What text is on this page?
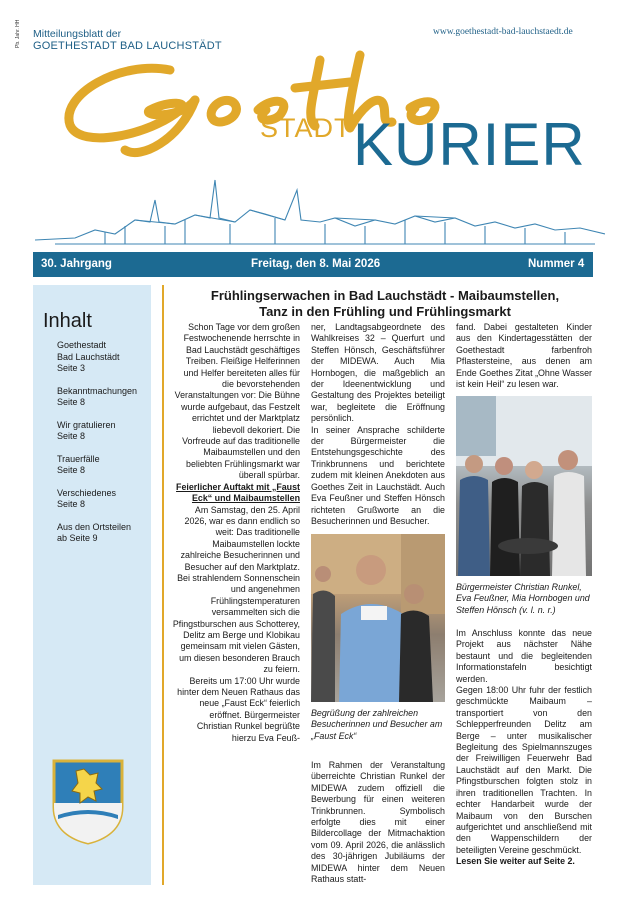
Pb. Jahr. HH Mitteilungsblatt der
GOETHESTADT BAD LAUCHSTÄDT
www.goethestadt-bad-lauchstaedt.de
STADT KURIER
30. Jahrgang	Freitag, den 8. Mai 2026	Nummer 4
Inhalt
Goethestadt
Bad Lauchstädt
Seite 3
Bekanntmachungen
Seite 8
Wir gratulieren
Seite 8
Trauerfälle
Seite 8
Verschiedenes
Seite 8
Aus den Ortsteilen
ab Seite 9
Frühlingserwachen in Bad Lauchstädt - Maibaumstellen,
Tanz in den Frühling und Frühlingsmarkt

Schon Tage vor dem großen Festwochenende herrschte in Bad Lauchstädt geschäftiges Treiben. Fleißige Helferinnen und Helfer bereiteten alles für die bevorstehenden Veranstaltungen vor: Die Bühne wurde aufgebaut, das Festzelt errichtet und der Marktplatz liebevoll dekoriert. Die Vorfreude auf das traditionelle Maibaumstellen und den beliebten Frühlingsmarkt war überall spürbar.

Feierlicher Auftakt mit „Faust Eck“ und Maibaumstellen

Am Samstag, den 25. April 2026, war es dann endlich so weit: Das traditionelle Maibaumstellen lockte zahlreiche Besucherinnen und Besucher auf den Marktplatz. Bei strahlendem Sonnenschein und angenehmen Frühlingstemperaturen versammelten sich die Pfingstburschen aus Schotterey, Delitz am Berge und Klobikau gemeinsam mit vielen Gästen, um diesen besonderen Brauch zu feiern.

Bereits um 17:00 Uhr wurde hinter dem Neuen Rathaus das neue „Faust Eck“ feierlich eröffnet. Bürgermeister Christian Runkel begrüßte hierzu Eva Feuß-

ner, Landtagsabgeordnete des Wahlkreises 32 – Querfurt und Steffen Hönsch, Geschäftsführer der MIDEWA. Auch Mia Hornbogen, die maßgeblich an der Ideenentwicklung und Gestaltung des Projektes beteiligt war, begleitete die Eröffnung persönlich.

In seiner Ansprache schilderte der Bürgermeister die Entstehungsgeschichte des Trinkbrunnens und berichtete zudem mit kleinen Anekdoten aus Goethes Zeit in Lauchstädt. Auch Eva Feußner und Steffen Hönsch richteten Grußworte an die Besucherinnen und Besucher.

Begrüßung der zahlreichen Besucherinnen und Besucher am „Faust Eck“

Im Rahmen der Veranstaltung überreichte Christian Runkel der MIDEWA zudem offiziell die Bewerbung für einen weiteren Trinkbrunnen. Symbolisch erfolgte dies mit einer Bildercollage der Mitmachaktion vom 09. April 2026, die anlässlich des 30-jährigen Jubiläums der MIDEWA hinter dem Neuen Rathaus statt-

fand. Dabei gestalteten Kinder aus den Kindertagesstätten der Goethestadt farbenfroh Pflastersteine, aus denen am Ende Goethes Zitat „Ohne Wasser ist kein Heil“ zu lesen war.

Bürgermeister Christian Runkel, Eva Feußner, Mia Hornbogen und Steffen Hönsch (v. l. n. r.)

Im Anschluss konnte das neue Projekt aus nächster Nähe bestaunt und die begleitenden Informationstafeln besichtigt werden.

Gegen 18:00 Uhr fuhr der festlich geschmückte Maibaum – transportiert von den Schlepperfreunden Delitz am Berge – unter musikalischer Begleitung des Spielmannszuges der Freiwilligen Feuerwehr Bad Lauchstädt auf den Markt. Die Pfingstburschen folgten stolz in ihren traditionellen Trachten. In echter Handarbeit wurde der Maibaum von den Burschen aufgerichtet und anschließend mit den Wappenschildern der beteiligten Vereine geschmückt.

Lesen Sie weiter auf Seite 2.
